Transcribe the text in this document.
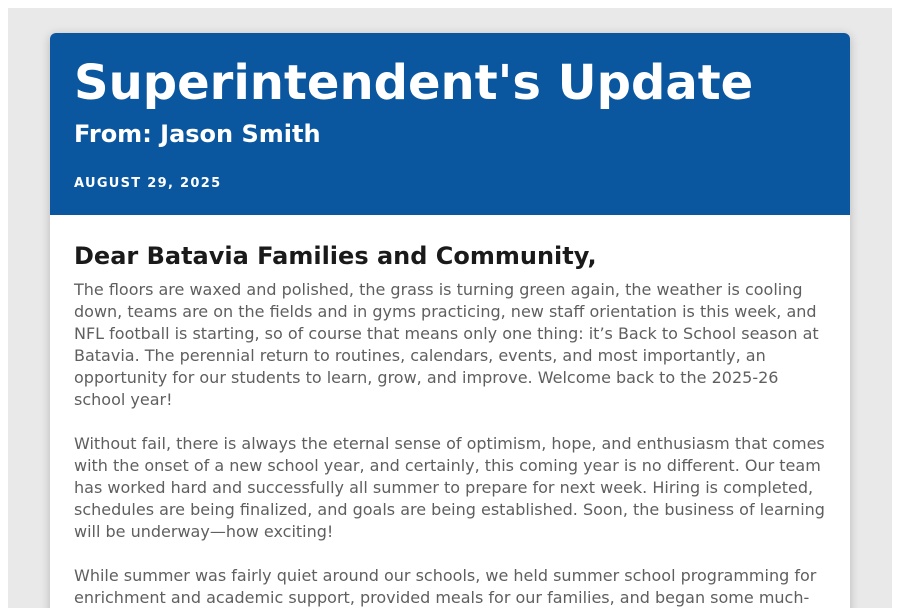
Superintendent's Update
From: Jason Smith
AUGUST 29, 2025
Dear Batavia Families and Community,

The floors are waxed and polished, the grass is turning green again, the weather is cooling down, teams are on the fields and in gyms practicing, new staff orientation is this week, and NFL football is starting, so of course that means only one thing: it’s Back to School season at Batavia. The perennial return to routines, calendars, events, and most importantly, an opportunity for our students to learn, grow, and improve. Welcome back to the 2025-26 school year!

Without fail, there is always the eternal sense of optimism, hope, and enthusiasm that comes with the onset of a new school year, and certainly, this coming year is no different. Our team has worked hard and successfully all summer to prepare for next week. Hiring is completed, schedules are being finalized, and goals are being established. Soon, the business of learning will be underway—how exciting!

While summer was fairly quiet around our schools, we held summer school programming for enrichment and academic support, provided meals for our families, and began some much-
